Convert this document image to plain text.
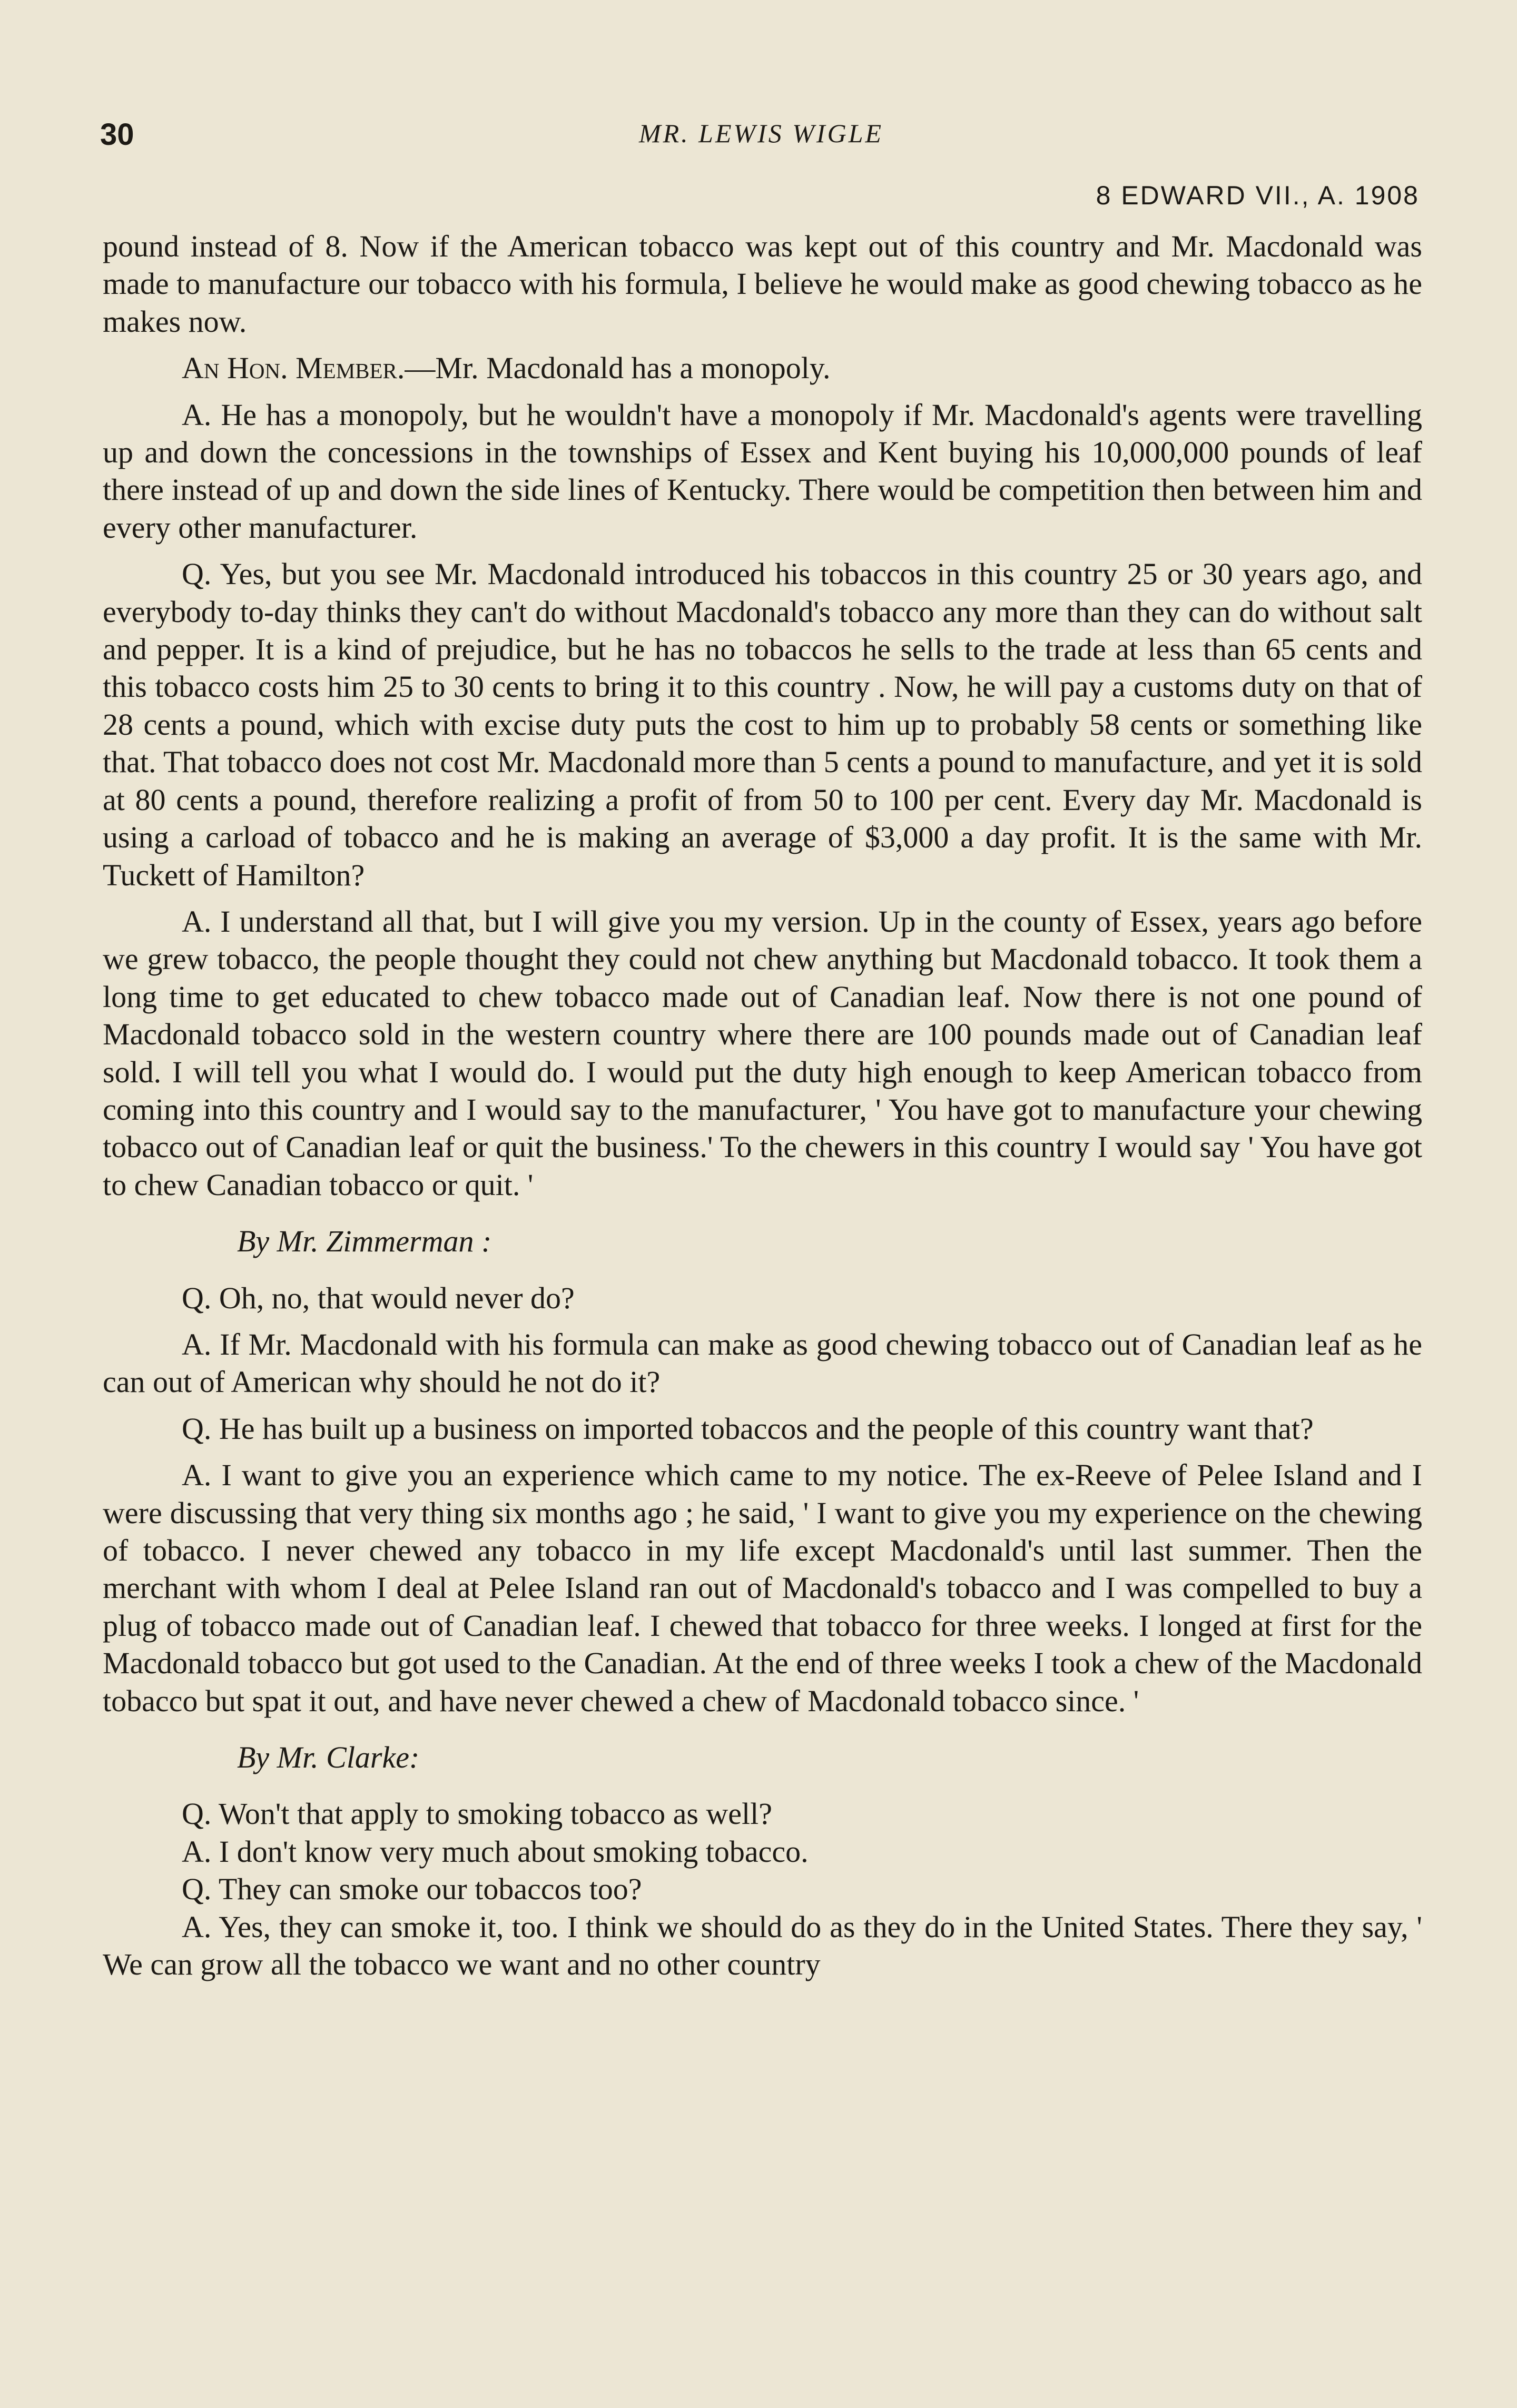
30	MR. LEWIS WIGLE
8 EDWARD VII., A. 1908

pound instead of 8. Now if the American tobacco was kept out of this country and Mr. Macdonald was made to manufacture our tobacco with his formula, I believe he would make as good chewing tobacco as he makes now.

An Hon. Member.—Mr. Macdonald has a monopoly.

A. He has a monopoly, but he wouldn't have a monopoly if Mr. Macdonald's agents were travelling up and down the concessions in the townships of Essex and Kent buying his 10,000,000 pounds of leaf there instead of up and down the side lines of Kentucky. There would be competition then between him and every other manufacturer.

Q. Yes, but you see Mr. Macdonald introduced his tobaccos in this country 25 or 30 years ago, and everybody to-day thinks they can't do without Macdonald's tobacco any more than they can do without salt and pepper. It is a kind of prejudice, but he has no tobaccos he sells to the trade at less than 65 cents and this tobacco costs him 25 to 30 cents to bring it to this country . Now, he will pay a customs duty on that of 28 cents a pound, which with excise duty puts the cost to him up to probably 58 cents or something like that. That tobacco does not cost Mr. Macdonald more than 5 cents a pound to manufacture, and yet it is sold at 80 cents a pound, therefore realizing a profit of from 50 to 100 per cent. Every day Mr. Macdonald is using a carload of tobacco and he is making an average of $3,000 a day profit. It is the same with Mr. Tuckett of Hamilton?

A. I understand all that, but I will give you my version. Up in the county of Essex, years ago before we grew tobacco, the people thought they could not chew anything but Macdonald tobacco. It took them a long time to get educated to chew tobacco made out of Canadian leaf. Now there is not one pound of Macdonald tobacco sold in the western country where there are 100 pounds made out of Canadian leaf sold. I will tell you what I would do. I would put the duty high enough to keep American tobacco from coming into this country and I would say to the manufacturer, ' You have got to manufacture your chewing tobacco out of Canadian leaf or quit the business.' To the chewers in this country I would say ' You have got to chew Canadian tobacco or quit. '

By Mr. Zimmerman :

Q. Oh, no, that would never do?

A. If Mr. Macdonald with his formula can make as good chewing tobacco out of Canadian leaf as he can out of American why should he not do it?

Q. He has built up a business on imported tobaccos and the people of this country want that?

A. I want to give you an experience which came to my notice. The ex-Reeve of Pelee Island and I were discussing that very thing six months ago ; he said, ' I want to give you my experience on the chewing of tobacco. I never chewed any tobacco in my life except Macdonald's until last summer. Then the merchant with whom I deal at Pelee Island ran out of Macdonald's tobacco and I was compelled to buy a plug of tobacco made out of Canadian leaf. I chewed that tobacco for three weeks. I longed at first for the Macdonald tobacco but got used to the Canadian. At the end of three weeks I took a chew of the Macdonald tobacco but spat it out, and have never chewed a chew of Macdonald tobacco since. '

By Mr. Clarke:

Q. Won't that apply to smoking tobacco as well?

A. I don't know very much about smoking tobacco.

Q. They can smoke our tobaccos too?

A. Yes, they can smoke it, too. I think we should do as they do in the United States. There they say, ' We can grow all the tobacco we want and no other country
